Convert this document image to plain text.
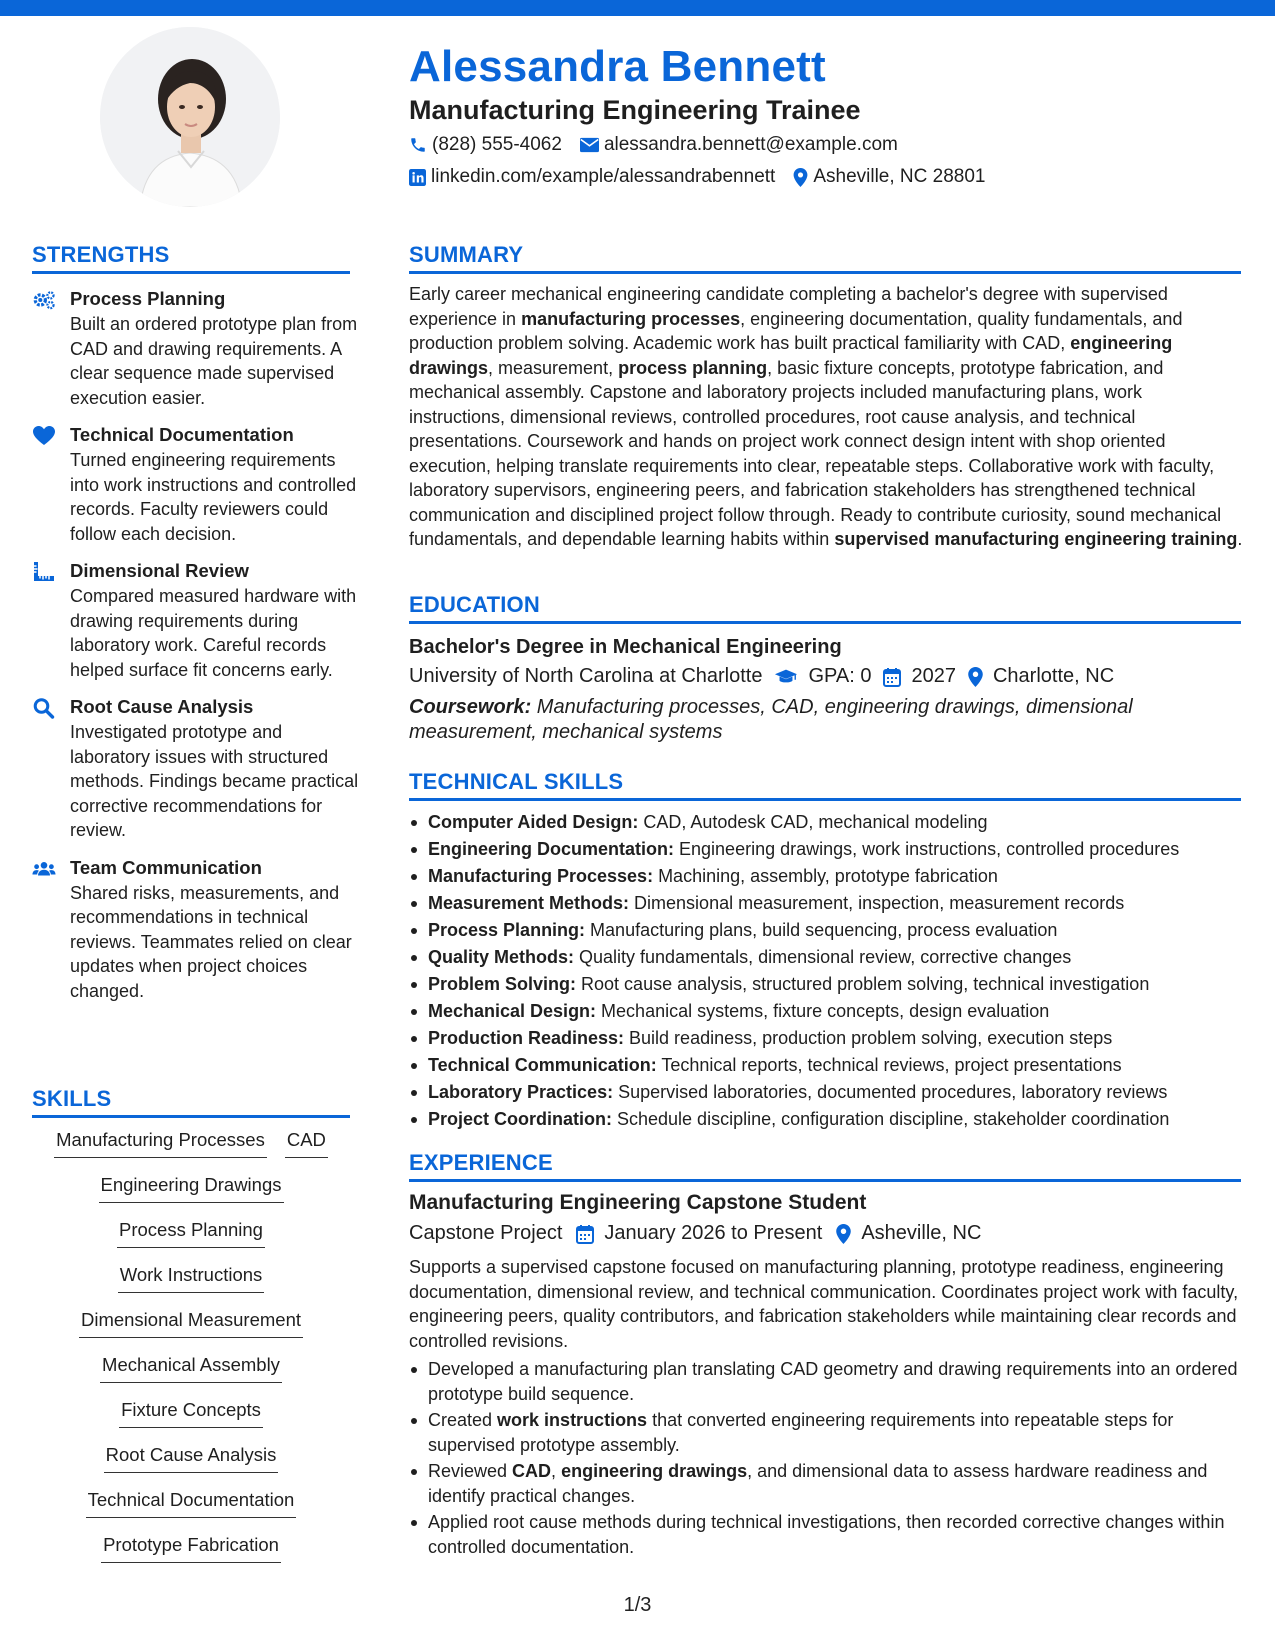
Alessandra Bennett
Manufacturing Engineering Trainee
(828) 555-4062 alessandra.bennett@example.com
linkedin.com/example/alessandrabennett Asheville, NC 28801
STRENGTHS

Process Planning

Built an ordered prototype plan from CAD and drawing requirements. A clear sequence made supervised execution easier.

Technical Documentation

Turned engineering requirements into work instructions and controlled records. Faculty reviewers could follow each decision.

Dimensional Review

Compared measured hardware with drawing requirements during laboratory work. Careful records helped surface fit concerns early.

Root Cause Analysis

Investigated prototype and laboratory issues with structured methods. Findings became practical corrective recommendations for review.

Team Communication

Shared risks, measurements, and recommendations in technical reviews. Teammates relied on clear updates when project choices changed.

SKILLS
Manufacturing Processes CAD
Engineering Drawings
Process Planning
Work Instructions
Dimensional Measurement
Mechanical Assembly
Fixture Concepts
Root Cause Analysis
Technical Documentation
Prototype Fabrication
SUMMARY

Early career mechanical engineering candidate completing a bachelor's degree with supervised experience in manufacturing processes, engineering documentation, quality fundamentals, and production problem solving. Academic work has built practical familiarity with CAD, engineering drawings, measurement, process planning, basic fixture concepts, prototype fabrication, and mechanical assembly. Capstone and laboratory projects included manufacturing plans, work instructions, dimensional reviews, controlled procedures, root cause analysis, and technical presentations. Coursework and hands on project work connect design intent with shop oriented execution, helping translate requirements into clear, repeatable steps. Collaborative work with faculty, laboratory supervisors, engineering peers, and fabrication stakeholders has strengthened technical communication and disciplined project follow through. Ready to contribute curiosity, sound mechanical fundamentals, and dependable learning habits within supervised manufacturing engineering training.

EDUCATION

Bachelor's Degree in Mechanical Engineering

University of North Carolina at Charlotte GPA: 0 2027 Charlotte, NC

Coursework: Manufacturing processes, CAD, engineering drawings, dimensional measurement, mechanical systems

TECHNICAL SKILLS
Computer Aided Design: CAD, Autodesk CAD, mechanical modeling
Engineering Documentation: Engineering drawings, work instructions, controlled procedures
Manufacturing Processes: Machining, assembly, prototype fabrication
Measurement Methods: Dimensional measurement, inspection, measurement records
Process Planning: Manufacturing plans, build sequencing, process evaluation
Quality Methods: Quality fundamentals, dimensional review, corrective changes
Problem Solving: Root cause analysis, structured problem solving, technical investigation
Mechanical Design: Mechanical systems, fixture concepts, design evaluation
Production Readiness: Build readiness, production problem solving, execution steps
Technical Communication: Technical reports, technical reviews, project presentations
Laboratory Practices: Supervised laboratories, documented procedures, laboratory reviews
Project Coordination: Schedule discipline, configuration discipline, stakeholder coordination
EXPERIENCE

Manufacturing Engineering Capstone Student

Capstone Project January 2026 to Present Asheville, NC

Supports a supervised capstone focused on manufacturing planning, prototype readiness, engineering documentation, dimensional review, and technical communication. Coordinates project work with faculty, engineering peers, quality contributors, and fabrication stakeholders while maintaining clear records and controlled revisions.

Developed a manufacturing plan translating CAD geometry and drawing requirements into an ordered prototype build sequence.
Created work instructions that converted engineering requirements into repeatable steps for supervised prototype assembly.
Reviewed CAD, engineering drawings, and dimensional data to assess hardware readiness and identify practical changes.
Applied root cause methods during technical investigations, then recorded corrective changes within controlled documentation.
1/3
